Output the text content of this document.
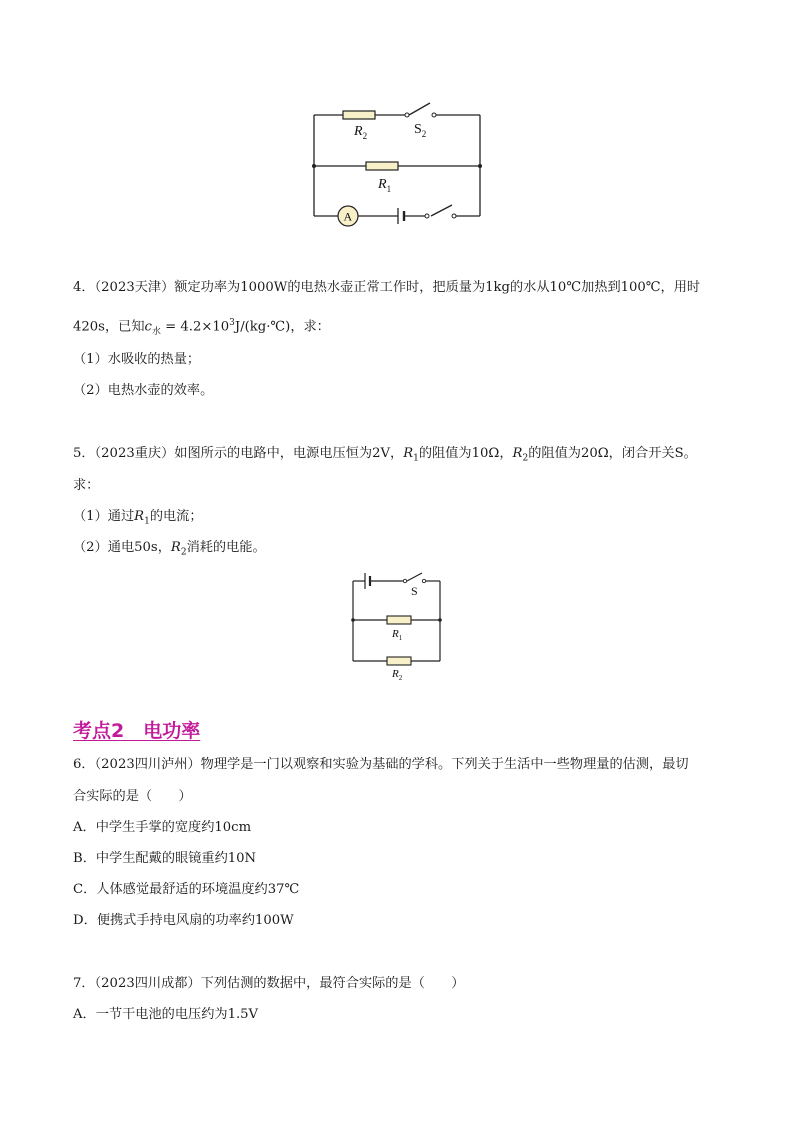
A
$R_2$	$S_2$
$R_1$
4．（2023天津）额定功率为1000W的电热水壶正常工作时，把质量为1kg的水从10℃加热到100℃，用时
420s，已知$c_水$ = $4.2\times 10^3J/(kg\cdot℃)$，求：
（1）水吸收的热量；
（2）电热水壶的效率。
5．（2023重庆）如图所示的电路中，电源电压恒为2V，$R_1$的阻值为10Ω，$R_2$的阻值为20Ω，闭合开关S。
求：
（1）通过$R_1$的电流；
（2）通电50s，$R_2$消耗的电能。
S
$R_1$
$R_2$
考点2　电功率
6．（2023四川泸州）物理学是一门以观察和实验为基础的学科。下列关于生活中一些物理量的估测，最切
合实际的是（　　）
A．中学生手掌的宽度约10cm
B．中学生配戴的眼镜重约10N
C．人体感觉最舒适的环境温度约37℃
D．便携式手持电风扇的功率约100W
7．（2023四川成都）下列估测的数据中，最符合实际的是（　　）
A．一节干电池的电压约为1.5V
